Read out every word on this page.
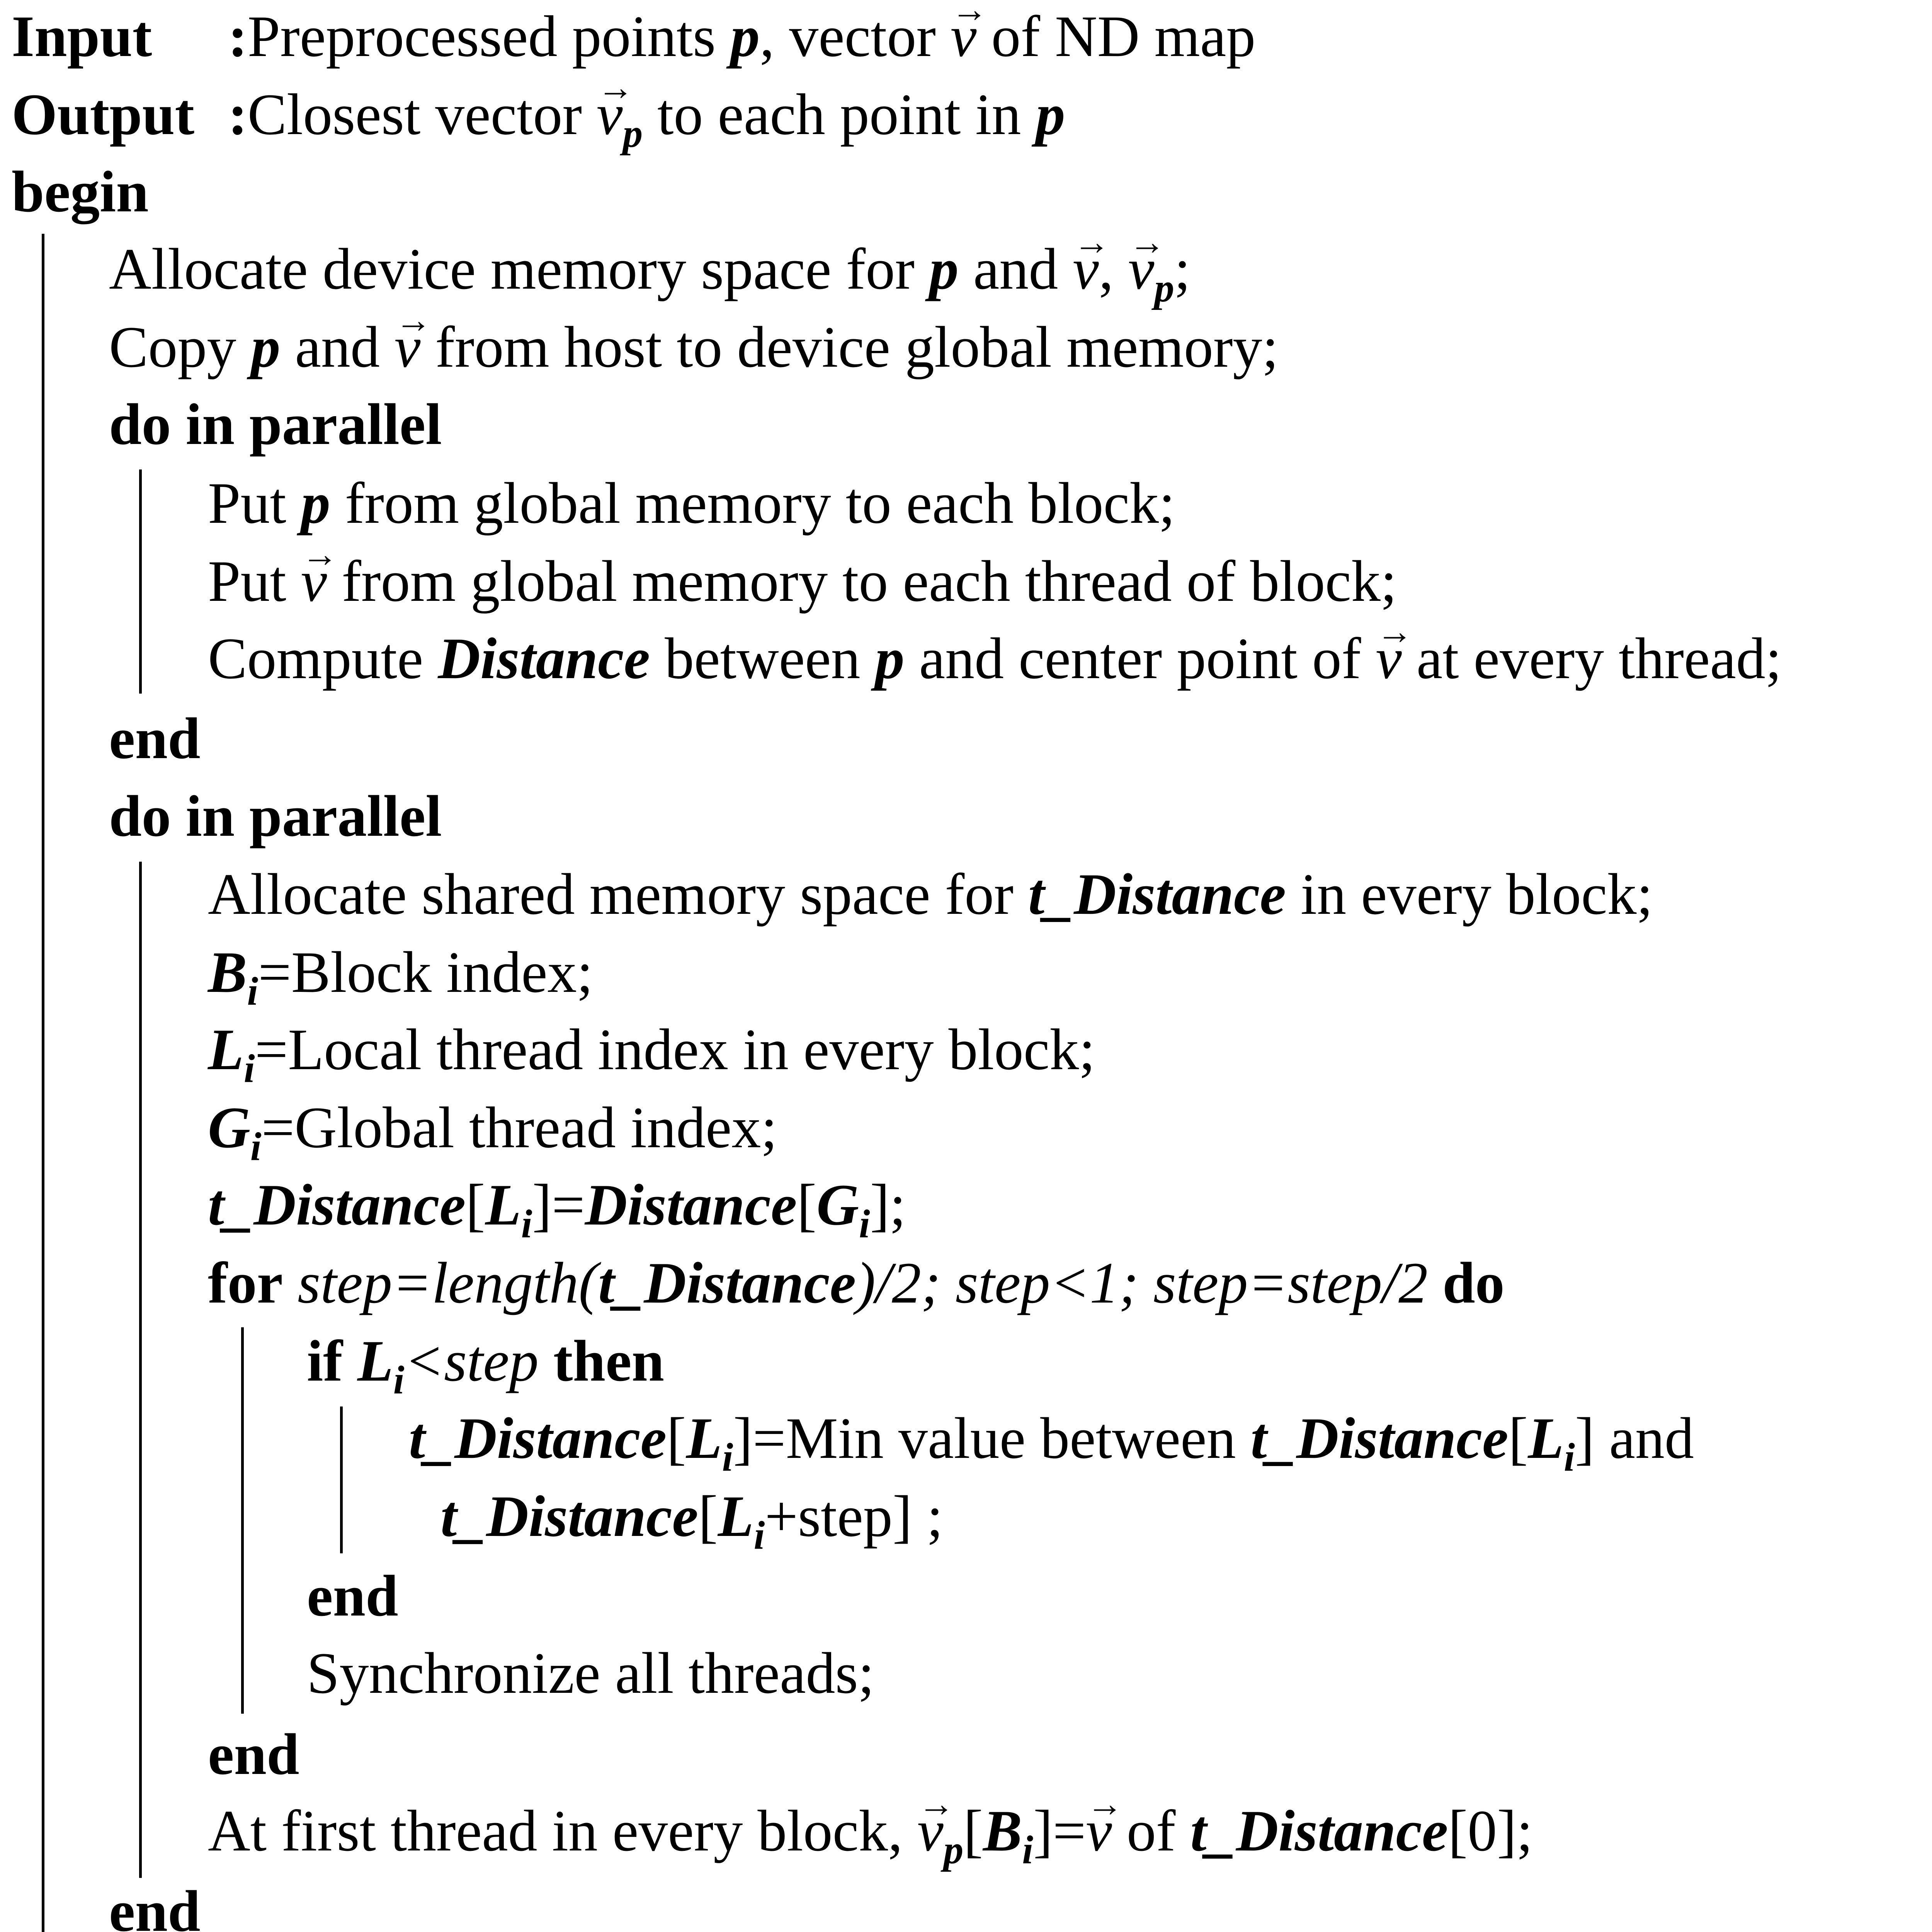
Input :Preprocessed points p, vector → v of ND map
Output :Closest vector → $v_p$ to each point in p
begin
Allocate device memory space for p and → v, → $v_p$;
Copy p and → v from host to device global memory;
do in parallel
Put p from global memory to each block;
Put → v from global memory to each thread of block;
Compute Distance between p and center point of → v at every thread;
end
do in parallel
Allocate shared memory space for t_Distance in every block;
$B_i=Block$ index;
$L_i=Local$ thread index in every block;
$G_i=Global$ thread index;
$t\_Distance[L_i]=Distance[G_i]$;
for step=length(t_Distance)/2; step<1; step=step/2 do
if $L_i<step$ then
$t\_Distance[L_i]=Min$ value between $t\_Distance[L_i]$ and
$t\_Distance[L_i+step]$ ;
end
Synchronize all threads;
end
At first thread in every block, → $v_p[B_i]=\to v$ of t_Distance[0];
end
